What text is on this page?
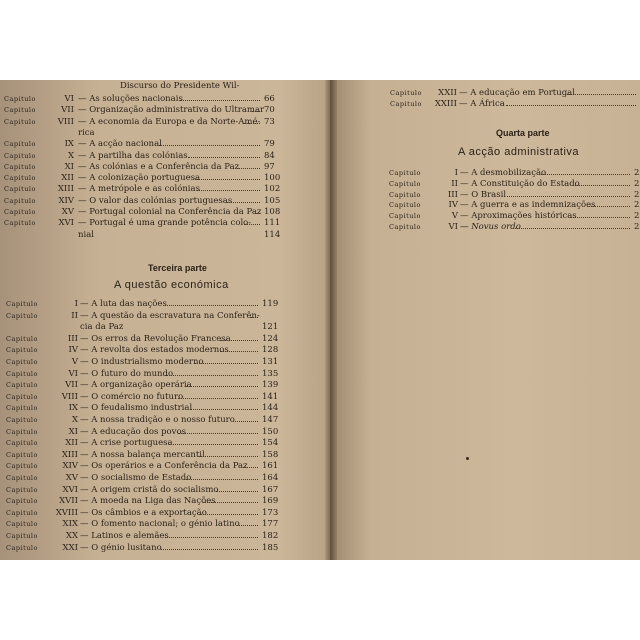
Discurso do Presidente Wil-
Capitulo	VI — As soluções nacionais	66
Capitulo	VII — Organização administrativa do Ultramar 70
Capitulo	VIII — A economia da Europa e da Norte-Amé- 73
rica
Capitulo	IX — A acção nacional	79
Capitulo	X — A partilha das colónias	84
Capitulo	XI — As colónias e a Conferência da Paz	97
Capitulo	XII — A colonização portuguesa	100
Capitulo	XIII — A metrópole e as colónias	102
Capitulo	XIV — O valor das colónias portuguesas	105
Capitulo	XV — Portugal colonial na Conferência da Paz 108
Capitulo	XVI — Portugal é uma grande potência colo- 111
nial	114
Terceira parte
A questão económica
Capitulo	I — A luta das nações	119
Capitulo	II — A questão da escravatura na Conferên-
cia da Paz	121
Capitulo	III — Os erros da Revolução Francesa	124
Capitulo	IV — A revolta dos estados modernos	128
Capitulo	V — O industrialismo moderno	131
Capitulo	VI — O futuro do mundo	135
Capitulo	VII — A organização operária	139
Capitulo	VIII — O comércio no futuro	141
Capitulo	IX — O feudalismo industrial	144
Capitulo	X — A nossa tradição e o nosso futuro	147
Capitulo	XI — A educação dos povos	150
Capitulo	XII — A crise portuguesa	154
Capitulo	XIII — A nossa balança mercantil	158
Capitulo	XIV — Os operários e a Conferência da Paz 161
Capitulo	XV — O socialismo de Estado	164
Capitulo	XVI — A origem cristã do socialismo	167
Capitulo	XVII — A moeda na Liga das Nações	169
Capitulo	XVIII — Os câmbios e a exportação	173
Capitulo	XIX — O fomento nacional; o génio latino	177
Capitulo	XX — Latinos e alemães	182
Capitulo	XXI — O génio lusitano	185
Capitulo	XXII — A educação em Portugal
Capitulo	XXIII — A África
Quarta parte
A acção administrativa
Capitulo	I — A desmobilização	2
Capitulo	II — A Constituição do Estado	2
Capitulo	III — O Brasil	2
Capitulo	IV — A guerra e as indemnizações	2
Capitulo	V — Aproximações históricas	2
Capitulo	VI — Novus ordo	2
